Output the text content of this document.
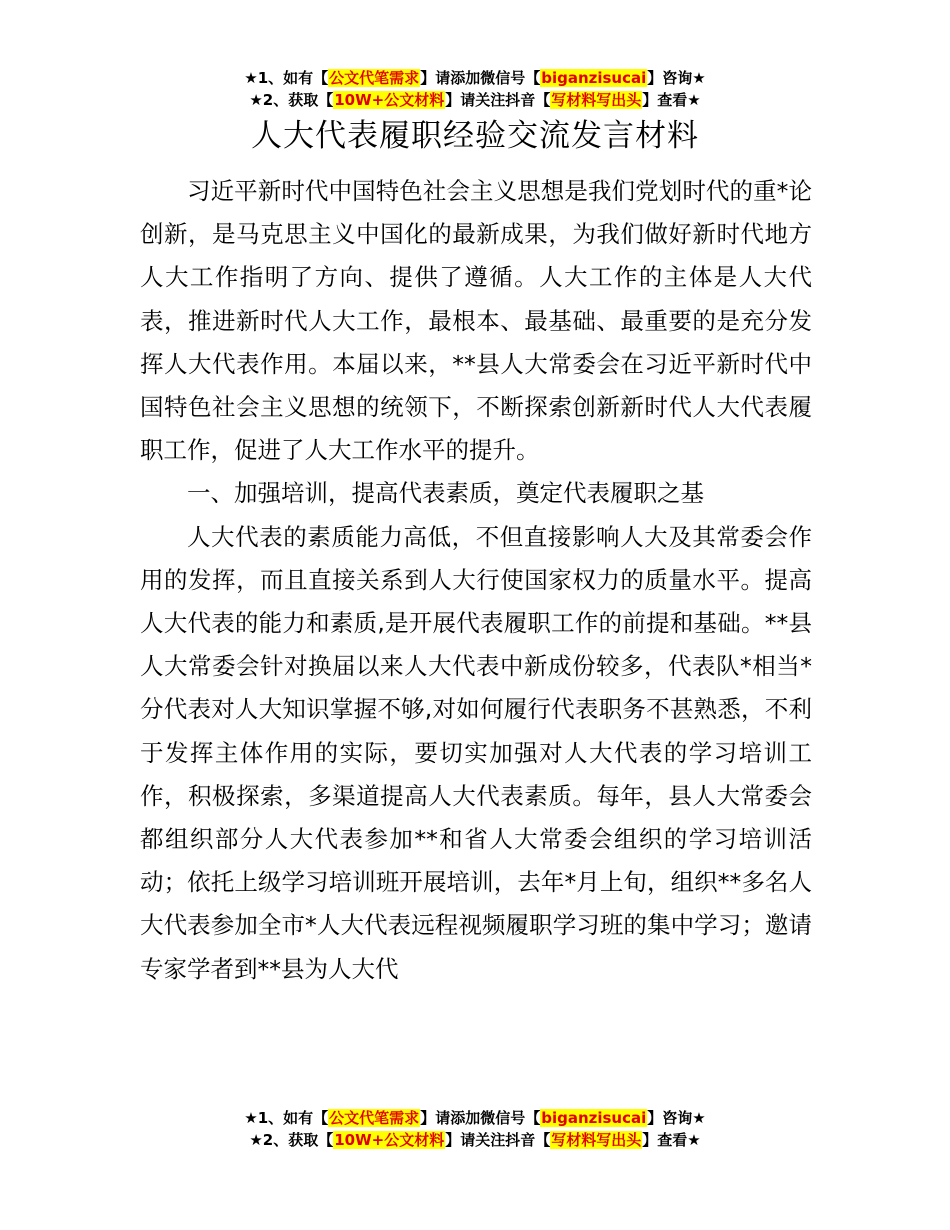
★1、如有【公文代笔需求】请添加微信号【biganzisucai】咨询★
★2、获取【10W+公文材料】请关注抖音【写材料写出头】查看★
人大代表履职经验交流发言材料

习近平新时代中国特色社会主义思想是我们党划时代的重*论创新，是马克思主义中国化的最新成果，为我们做好新时代地方人大工作指明了方向、提供了遵循。人大工作的主体是人大代表，推进新时代人大工作，最根本、最基础、最重要的是充分发挥人大代表作用。本届以来，**县人大常委会在习近平新时代中国特色社会主义思想的统领下，不断探索创新新时代人大代表履职工作，促进了人大工作水平的提升。

一、加强培训，提高代表素质，奠定代表履职之基

人大代表的素质能力高低，不但直接影响人大及其常委会作用的发挥，而且直接关系到人大行使国家权力的质量水平。提高人大代表的能力和素质,是开展代表履职工作的前提和基础。**县人大常委会针对换届以来人大代表中新成份较多，代表队*相当*分代表对人大知识掌握不够,对如何履行代表职务不甚熟悉，不利于发挥主体作用的实际，要切实加强对人大代表的学习培训工作，积极探索，多渠道提高人大代表素质。每年，县人大常委会都组织部分人大代表参加**和省人大常委会组织的学习培训活动；依托上级学习培训班开展培训，去年*月上旬，组织**多名人大代表参加全市*人大代表远程视频履职学习班的集中学习；邀请专家学者到**县为人大代

★1、如有【公文代笔需求】请添加微信号【biganzisucai】咨询★
★2、获取【10W+公文材料】请关注抖音【写材料写出头】查看★
